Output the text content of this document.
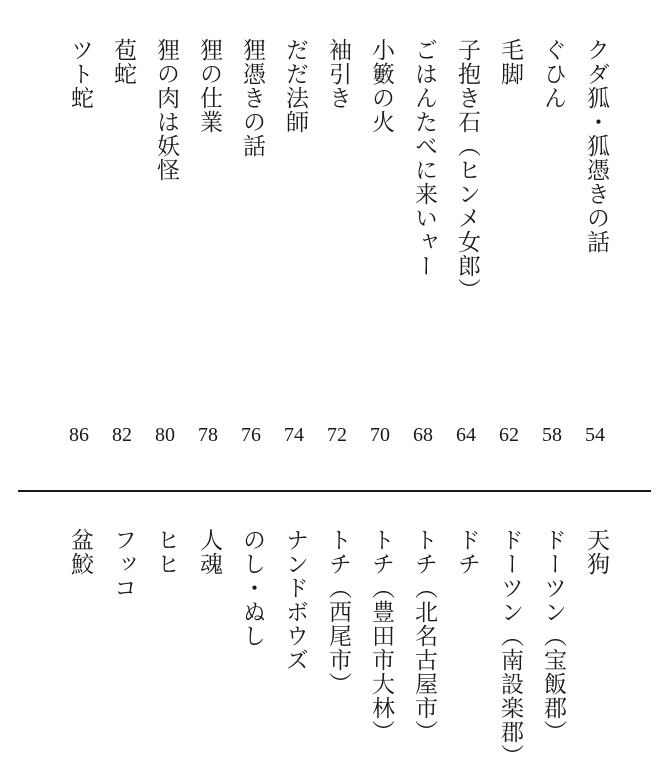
クダ狐・狐憑きの話
ぐひん
毛脚
子抱き石（ヒンメ女郎）
ごはんたべに来いャー
小籔の火
袖引き
だだ法師
狸憑きの話
狸の仕業
狸の肉は妖怪
苞蛇
ツト蛇
54
58
62
64
68
70
72
74
76
78
80
82
86
天狗
ドーツン（宝飯郡）
ドーツン（南設楽郡）
ドチ
トチ（北名古屋市）
トチ（豊田市大林）
トチ（西尾市）
ナンドボウズ
のし・ぬし
人魂
ヒヒ
フッコ
盆鮫
